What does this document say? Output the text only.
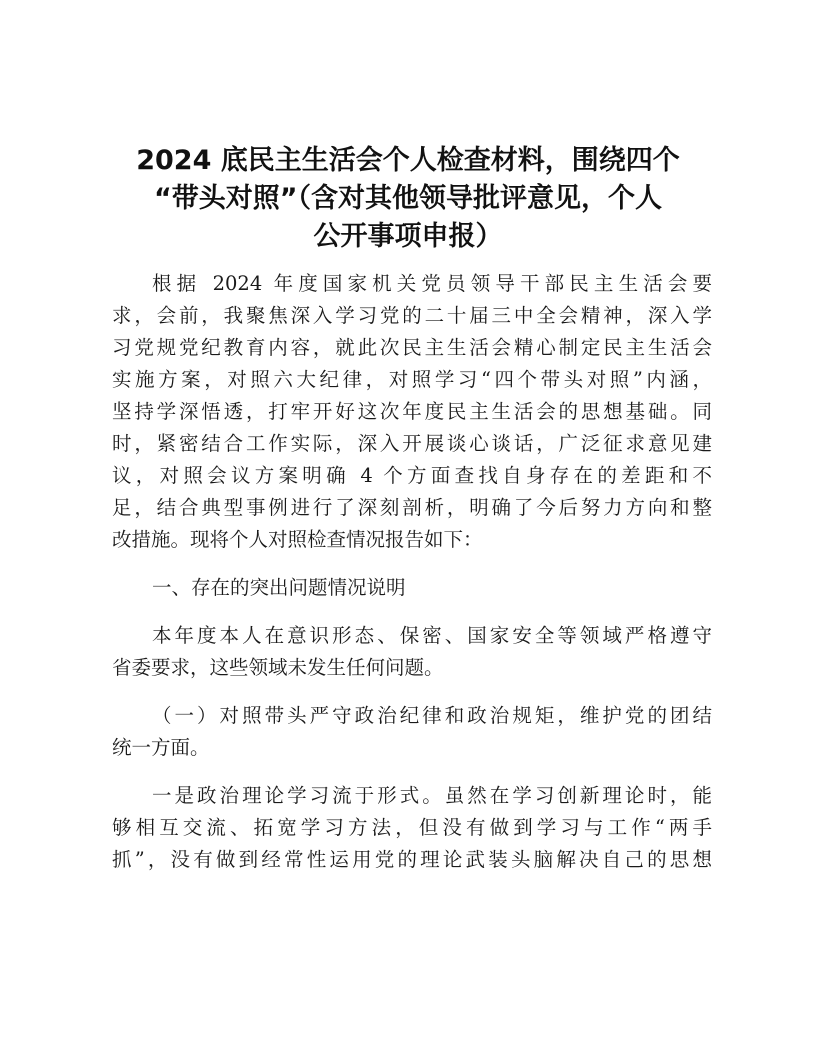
2024 底民主生活会个人检查材料，围绕四个
“带头对照”（含对其他领导批评意见，个人
公开事项申报）
根据 2024 年度国家机关党员领导干部民主生活会要
求，会前，我聚焦深入学习党的二十届三中全会精神，深入学
习党规党纪教育内容，就此次民主生活会精心制定民主生活会
实施方案，对照六大纪律，对照学习“四个带头对照”内涵，
坚持学深悟透，打牢开好这次年度民主生活会的思想基础。同
时，紧密结合工作实际，深入开展谈心谈话，广泛征求意见建
议，对照会议方案明确 4 个方面查找自身存在的差距和不
足，结合典型事例进行了深刻剖析，明确了今后努力方向和整
改措施。现将个人对照检查情况报告如下：
一、存在的突出问题情况说明
本年度本人在意识形态、保密、国家安全等领域严格遵守
省委要求，这些领域未发生任何问题。
（一）对照带头严守政治纪律和政治规矩，维护党的团结
统一方面。
一是政治理论学习流于形式。虽然在学习创新理论时，能
够相互交流、拓宽学习方法，但没有做到学习与工作“两手
抓”，没有做到经常性运用党的理论武装头脑解决自己的思想
